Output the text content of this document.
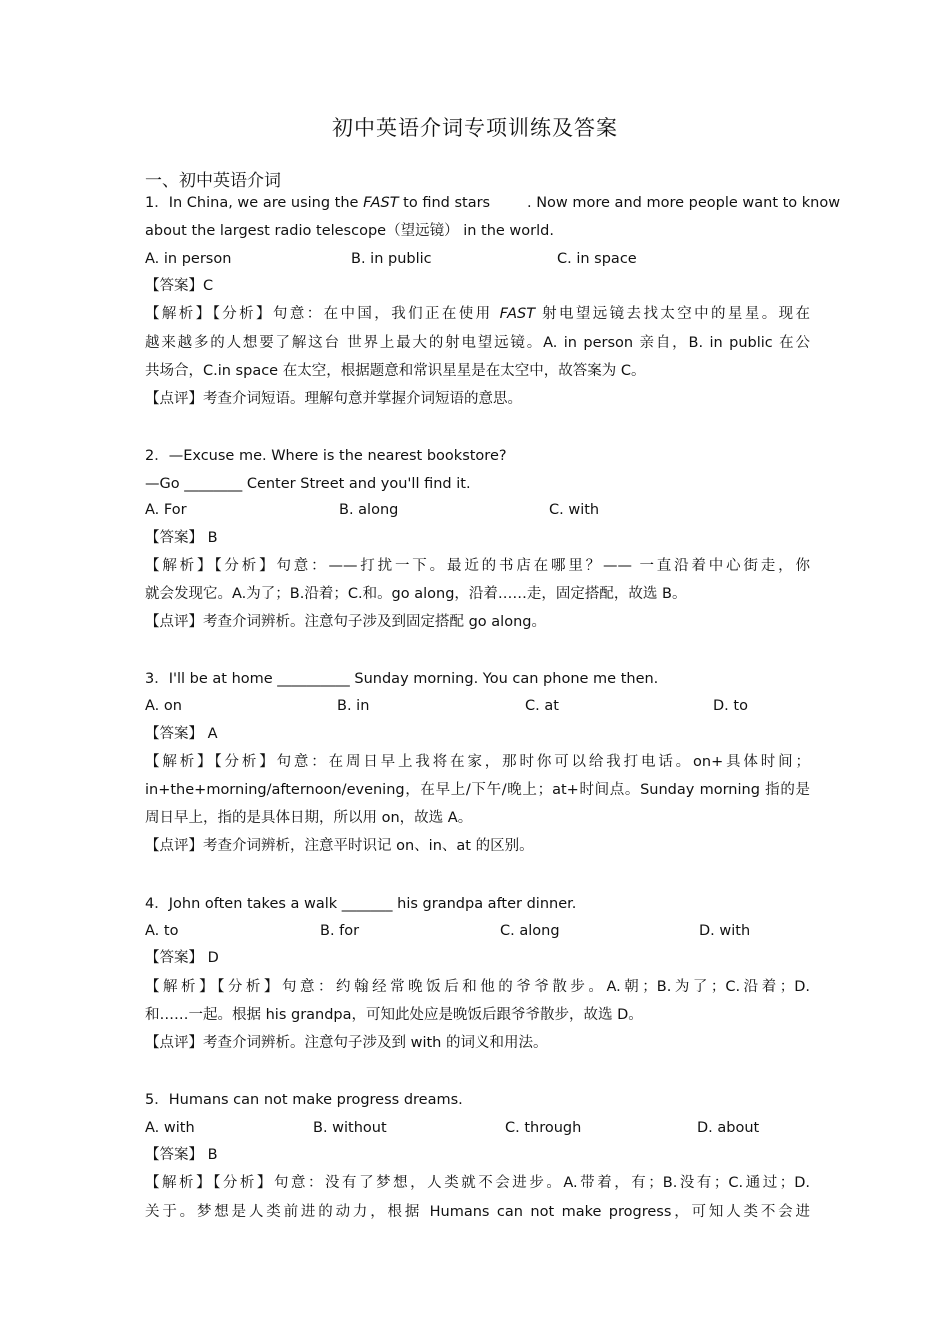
初中英语介词专项训练及答案
一、初中英语介词
1．In China, we are using the FAST to find stars        . Now more and more people want to know
about the largest radio telescope（望远镜） in the world.
A. in person	B. in public	C. in space
【答案】C
【解析】【分析】句意：在中国，我们正在使用 FAST 射电望远镜去找太空中的星星。现在
越来越多的人想要了解这台 世界上最大的射电望远镜。A. in person 亲自，B. in public 在公
共场合，C.in space 在太空，根据题意和常识星星是在太空中，故答案为 C。
【点评】考查介词短语。理解句意并掌握介词短语的意思。
2．—Excuse me. Where is the nearest bookstore?
—Go ________ Center Street and you'll find it.
A. For	B. along	C. with
【答案】 B
【解析】【分析】句意：——打扰一下。最近的书店在哪里？—— 一直沿着中心街走，你
就会发现它。A.为了；B.沿着；C.和。go along，沿着……走，固定搭配，故选 B。
【点评】考查介词辨析。注意句子涉及到固定搭配 go along。
3．I'll be at home __________ Sunday morning. You can phone me then.
A. on	B. in	C. at	D. to
【答案】 A
【解析】【分析】句意：在周日早上我将在家，那时你可以给我打电话。on+具体时间；
in+the+morning/afternoon/evening，在早上/下午/晚上；at+时间点。Sunday morning 指的是
周日早上，指的是具体日期，所以用 on，故选 A。
【点评】考查介词辨析，注意平时识记 on、in、at 的区别。
4．John often takes a walk _______ his grandpa after dinner.
A. to	B. for	C. along	D. with
【答案】 D
【解析】【分析】句意：约翰经常晚饭后和他的爷爷散步。A.朝；B.为了；C.沿着；D.
和……一起。根据 his grandpa，可知此处应是晚饭后跟爷爷散步，故选 D。
【点评】考查介词辨析。注意句子涉及到 with 的词义和用法。
5．Humans can not make progress dreams.
A. with	B. without	C. through	D. about
【答案】 B
【解析】【分析】句意：没有了梦想，人类就不会进步。A.带着，有；B.没有；C.通过；D.
关于。梦想是人类前进的动力，根据 Humans can not make progress，可知人类不会进
